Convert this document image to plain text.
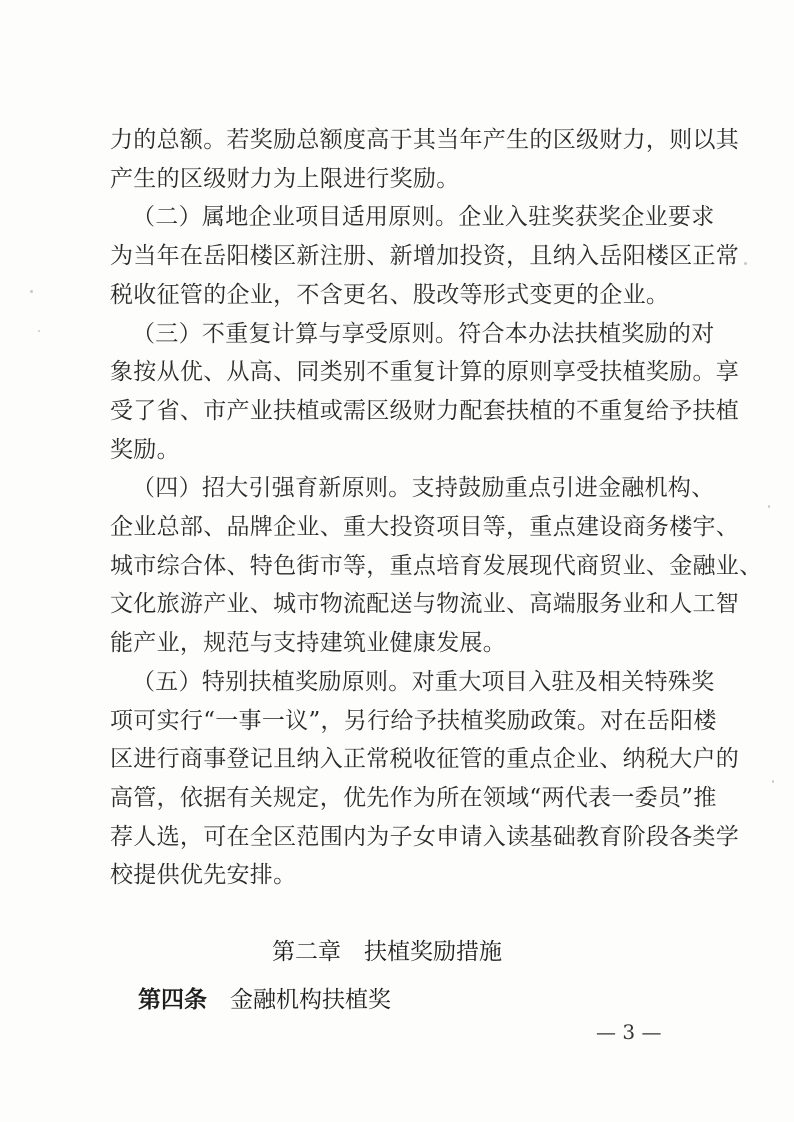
力的总额。若奖励总额度高于其当年产生的区级财力，则以其
产生的区级财力为上限进行奖励。
（二）属地企业项目适用原则。企业入驻奖获奖企业要求
为当年在岳阳楼区新注册、新增加投资，且纳入岳阳楼区正常
税收征管的企业，不含更名、股改等形式变更的企业。
（三）不重复计算与享受原则。符合本办法扶植奖励的对
象按从优、从高、同类别不重复计算的原则享受扶植奖励。享
受了省、市产业扶植或需区级财力配套扶植的不重复给予扶植
奖励。
（四）招大引强育新原则。支持鼓励重点引进金融机构、
企业总部、品牌企业、重大投资项目等，重点建设商务楼宇、
城市综合体、特色街市等，重点培育发展现代商贸业、金融业、
文化旅游产业、城市物流配送与物流业、高端服务业和人工智
能产业，规范与支持建筑业健康发展。
（五）特别扶植奖励原则。对重大项目入驻及相关特殊奖
项可实行“一事一议”，另行给予扶植奖励政策。对在岳阳楼
区进行商事登记且纳入正常税收征管的重点企业、纳税大户的
高管，依据有关规定，优先作为所在领域“两代表一委员”推
荐人选，可在全区范围内为子女申请入读基础教育阶段各类学
校提供优先安排。
第二章　扶植奖励措施
第四条　 金融机构扶植奖
— 3 —
